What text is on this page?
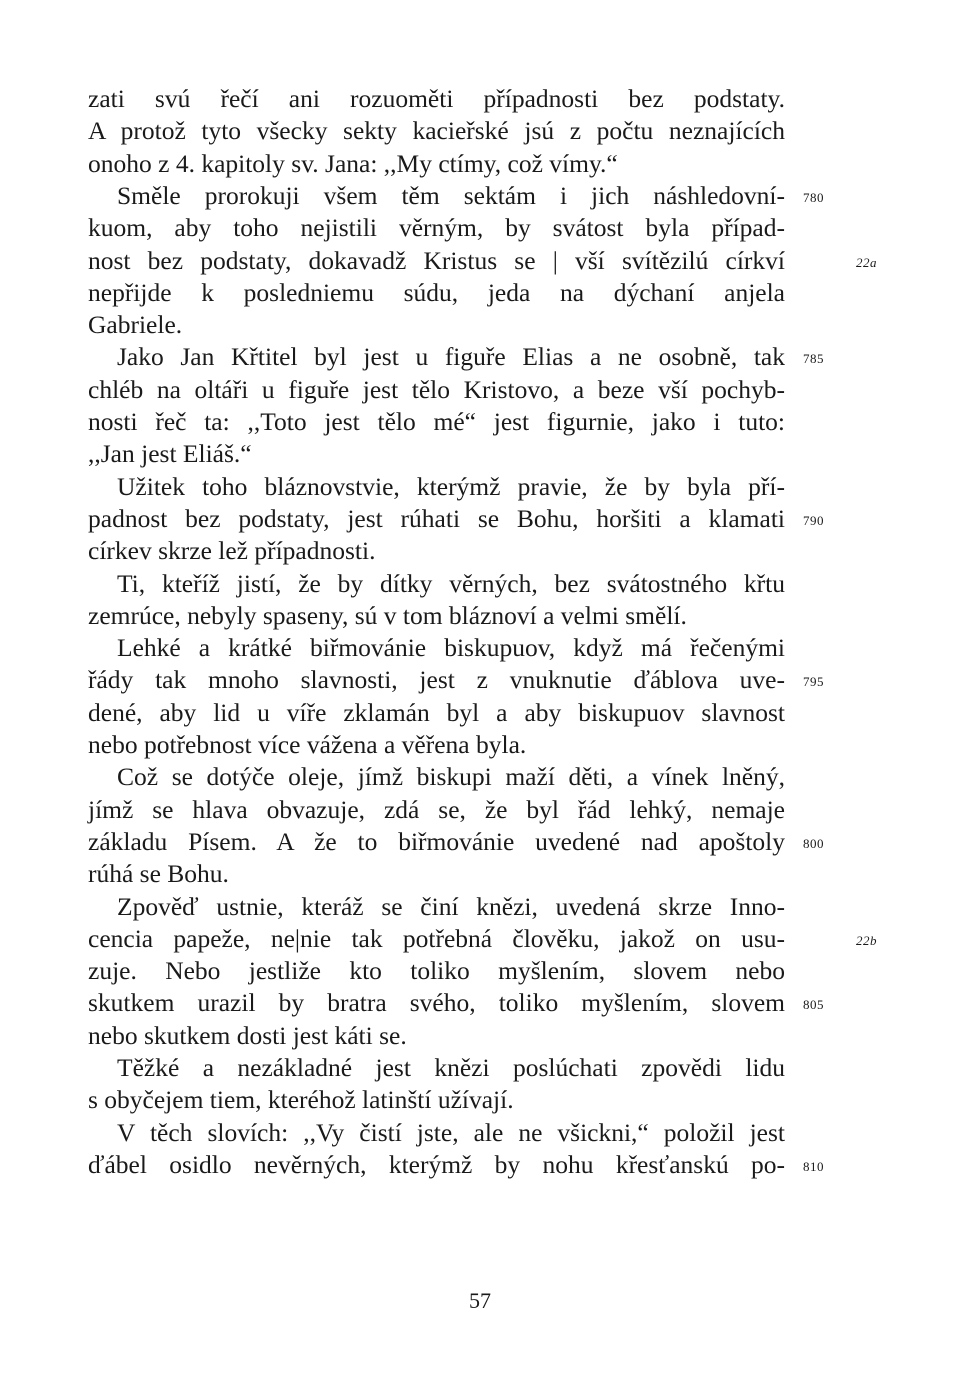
zati svú řečí ani rozuoměti případnosti bez podstaty.
A protož tyto všecky sekty kacieřské jsú z počtu neznajících
onoho z 4. kapitoly sv. Jana: ,,My ctímy, což vímy.“
Směle prorokuji všem těm sektám i jich náshledovní-
kuom, aby toho nejistili věrným, by svátost byla případ-
nost bez podstaty, dokavadž Kristus se | vší svítězilú církví
nepřijde k posledniemu súdu, jeda na dýchaní anjela
Gabriele.
Jako Jan Křtitel byl jest u figuře Elias a ne osobně, tak
chléb na oltáři u figuře jest tělo Kristovo, a beze vší pochyb-
nosti řeč ta: ,,Toto jest tělo mé“ jest figurnie, jako i tuto:
,,Jan jest Eliáš.“
Užitek toho bláznovstvie, kterýmž pravie, že by byla pří-
padnost bez podstaty, jest rúhati se Bohu, horšiti a klamati
církev skrze lež případnosti.
Ti, kteříž jistí, že by dítky věrných, bez svátostného křtu
zemrúce, nebyly spaseny, sú v tom bláznoví a velmi smělí.
Lehké a krátké biřmovánie biskupuov, když má řečenými
řády tak mnoho slavnosti, jest z vnuknutie ďáblova uve-
dené, aby lid u víře zklamán byl a aby biskupuov slavnost
nebo potřebnost více vážena a věřena byla.
Což se dotýče oleje, jímž biskupi maží děti, a vínek lněný,
jímž se hlava obvazuje, zdá se, že byl řád lehký, nemaje
základu Písem. A že to biřmovánie uvedené nad apoštoly
rúhá se Bohu.
Zpověď ustnie, kteráž se činí knězi, uvedená skrze Inno-
cencia papeže, ne|nie tak potřebná člověku, jakož on usu-
zuje. Nebo jestliže kto toliko myšlením, slovem nebo
skutkem urazil by bratra svého, toliko myšlením, slovem
nebo skutkem dosti jest káti se.
Těžké a nezákladné jest knězi poslúchati zpovědi lidu
s obyčejem tiem, kteréhož latinští užívají.
V těch slovích: ,,Vy čistí jste, ale ne všicknі,“ položil jest
ďábel osidlo nevěrných, kterýmž by nohu křesťanskú po-
780
22a
785
790
795
800
22b
805
810
57
